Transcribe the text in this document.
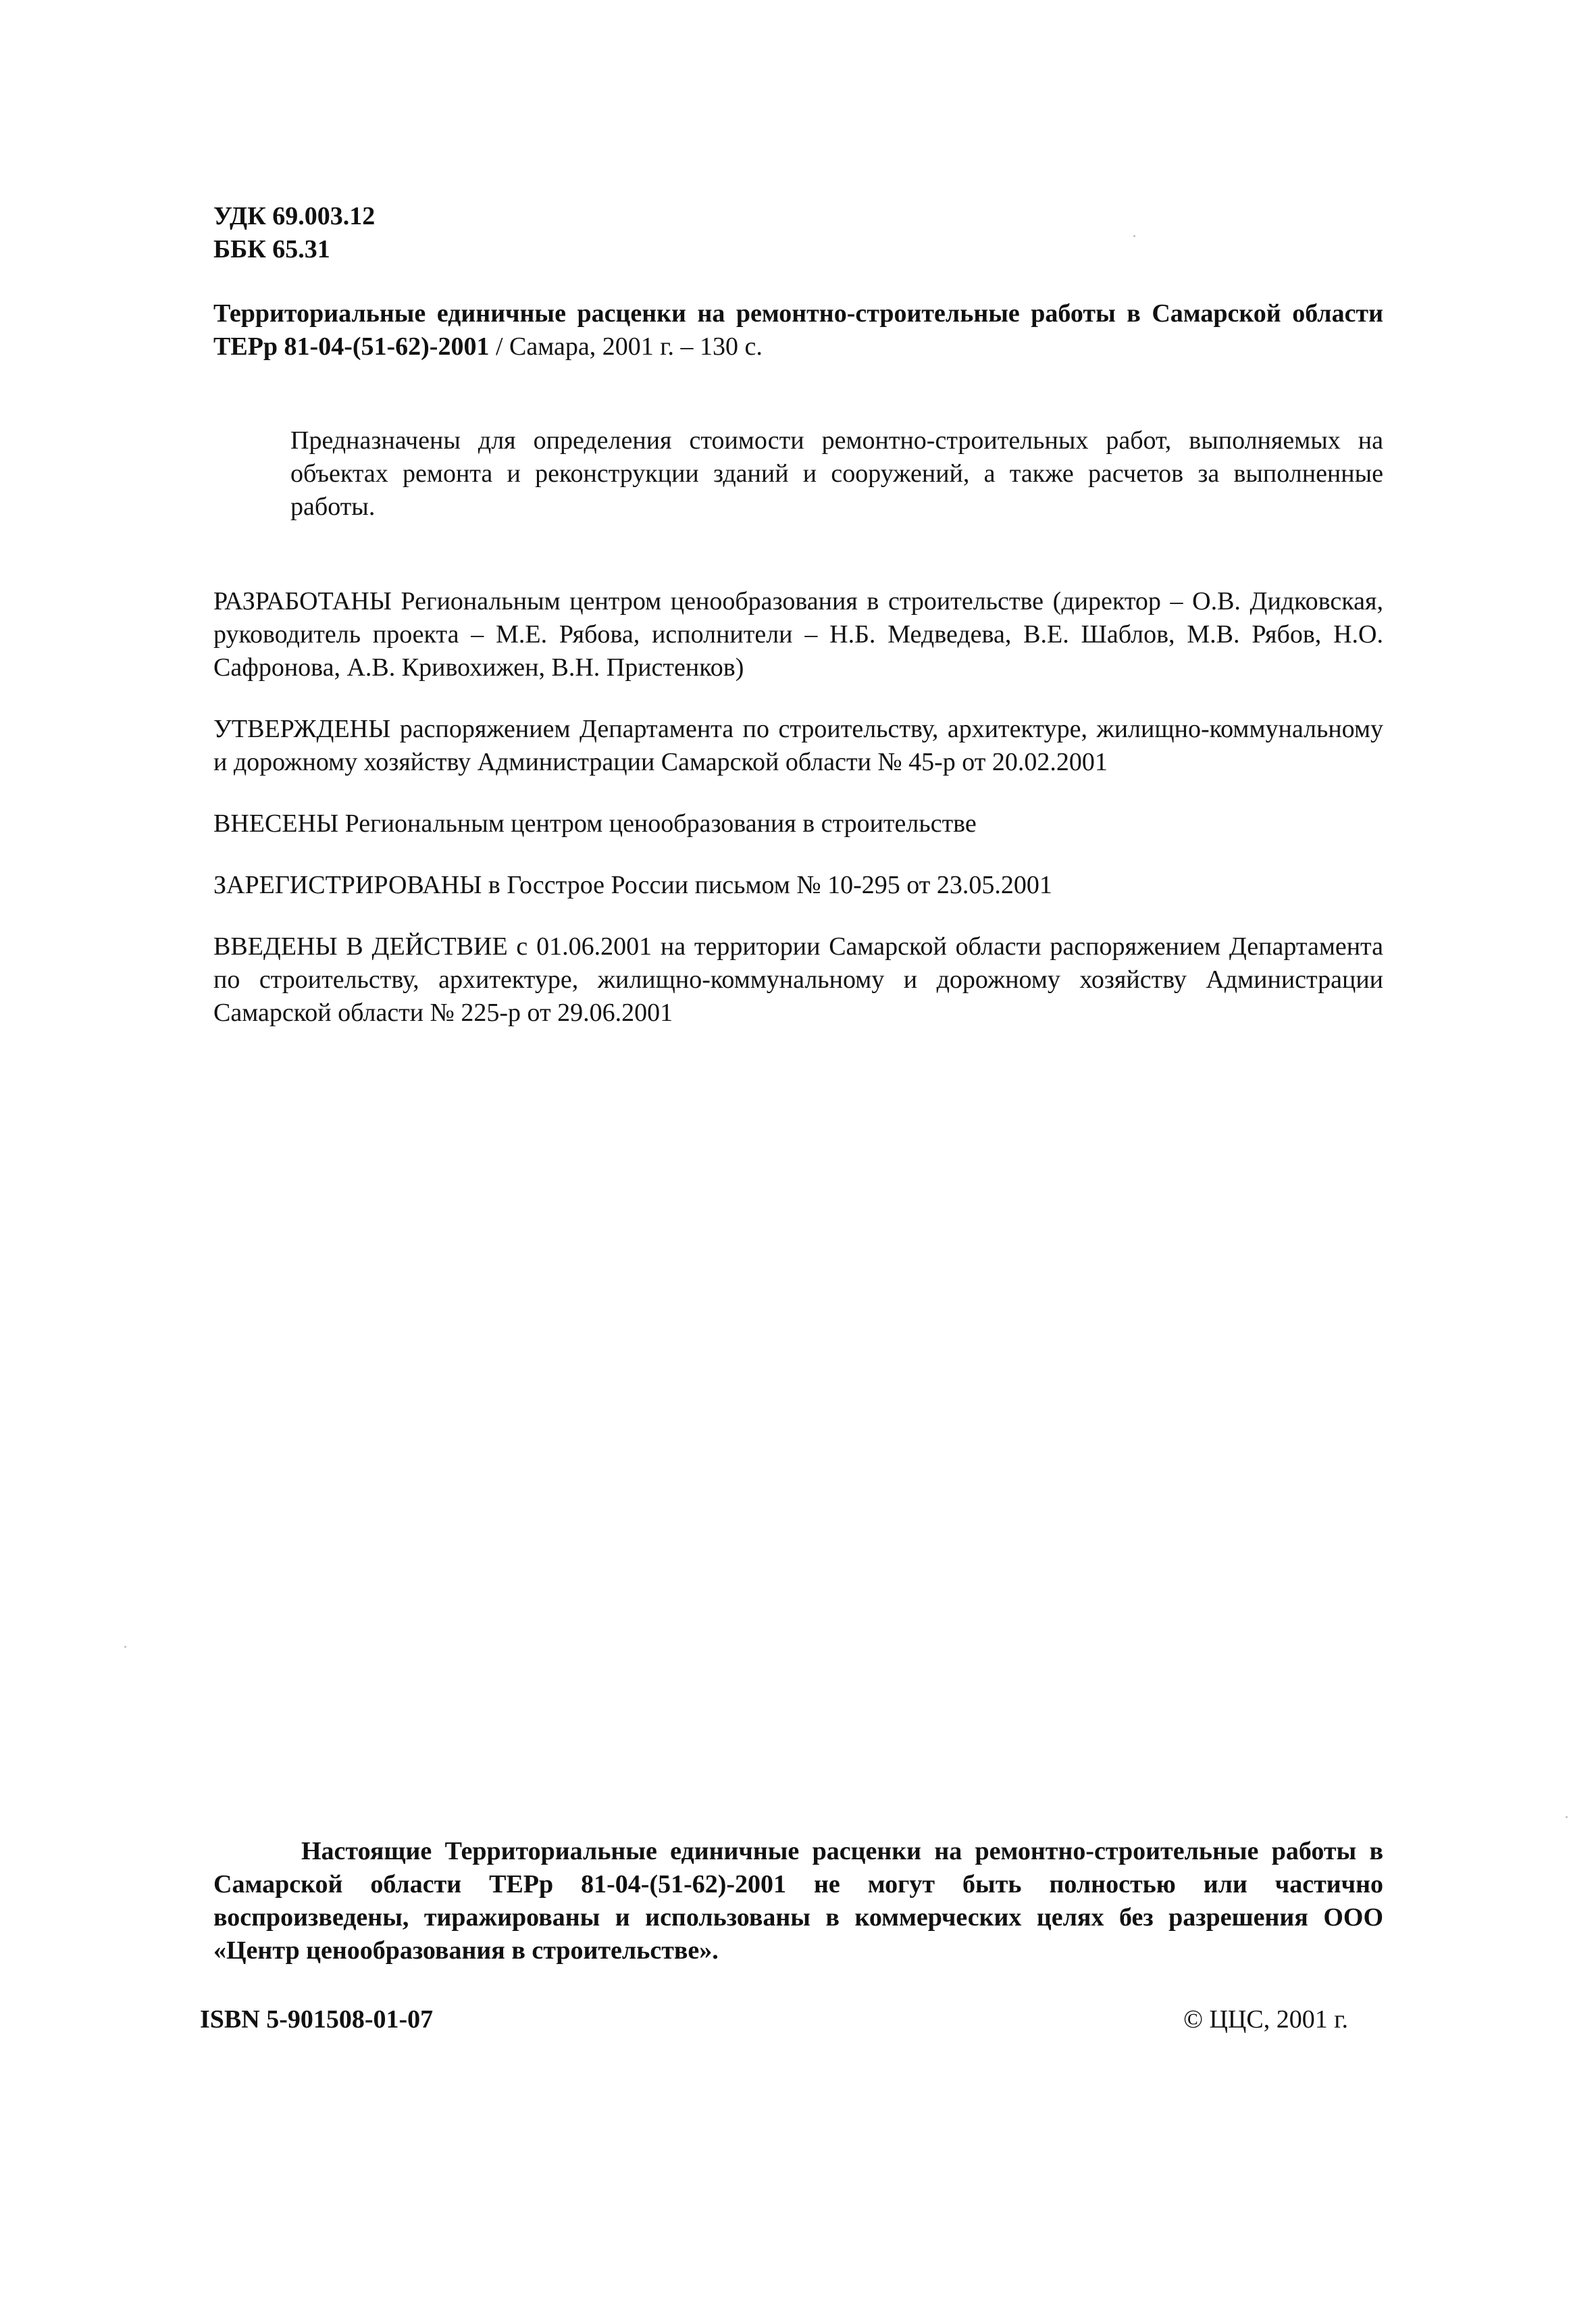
УДК 69.003.12
ББК 65.31
Территориальные единичные расценки на ремонтно-строительные работы в Самарской области ТЕРр 81-04-(51-62)-2001 / Самара, 2001 г. – 130 с.
Предназначены для определения стоимости ремонтно-строительных работ, выполняемых на объектах ремонта и реконструкции зданий и сооружений, а также расчетов за выполненные работы.

РАЗРАБОТАНЫ Региональным центром ценообразования в строительстве (директор – О.В. Дидковская, руководитель проекта – М.Е. Рябова, исполнители – Н.Б. Медведева, В.Е. Шаблов, М.В. Рябов, Н.О. Сафронова, А.В. Кривохижен, В.Н. Пристенков)

УТВЕРЖДЕНЫ распоряжением Департамента по строительству, архитектуре, жилищно-коммунальному и дорожному хозяйству Администрации Самарской области № 45-р от 20.02.2001

ВНЕСЕНЫ Региональным центром ценообразования в строительстве

ЗАРЕГИСТРИРОВАНЫ в Госстрое России письмом № 10-295 от 23.05.2001

ВВЕДЕНЫ В ДЕЙСТВИЕ с 01.06.2001 на территории Самарской области распоряжением Департамента по строительству, архитектуре, жилищно-коммунальному и дорожному хозяйству Администрации Самарской области № 225-р от 29.06.2001

Настоящие Территориальные единичные расценки на ремонтно-строительные работы в Самарской области ТЕРр 81-04-(51-62)-2001 не могут быть полностью или частично воспроизведены, тиражированы и использованы в коммерческих целях без разрешения ООО «Центр ценообразования в строительстве».
ISBN 5-901508-01-07	© ЦЦС, 2001 г.
